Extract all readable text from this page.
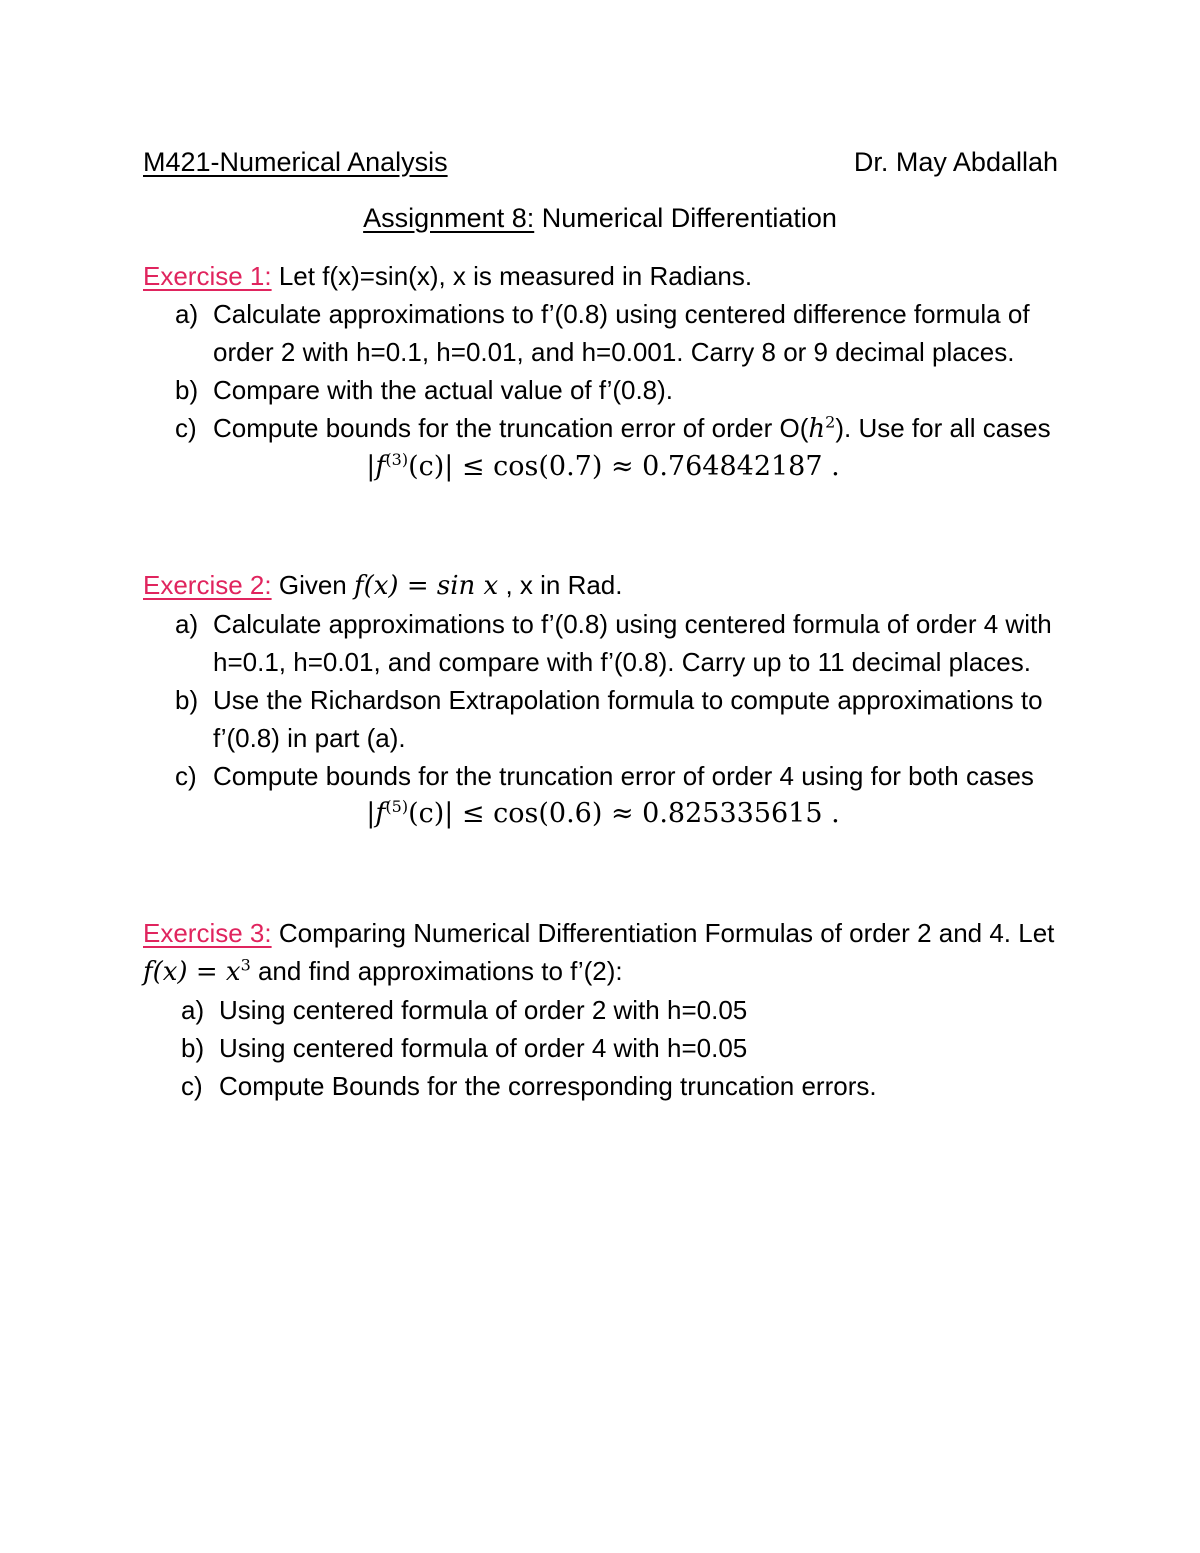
M421-Numerical Analysis	Dr. May Abdallah
Assignment 8: Numerical Differentiation
Exercise 1: Let f(x)=sin(x), x is measured in Radians.
a) Calculate approximations to f’(0.8) using centered difference formula of order 2 with h=0.1, h=0.01, and h=0.001. Carry 8 or 9 decimal places.
b) Compare with the actual value of f’(0.8).
c) Compute bounds for the truncation error of order $O(h^2)$. Use for all cases
$|f^{(3)}(c)| \le \cos(0.7) \approx 0.764842187$ .
Exercise 2: Given f(x) = sin x , x in Rad.
a) Calculate approximations to f’(0.8) using centered formula of order 4 with h=0.1, h=0.01, and compare with f’(0.8). Carry up to 11 decimal places.
b) Use the Richardson Extrapolation formula to compute approximations to f’(0.8) in part (a).
c) Compute bounds for the truncation error of order 4 using for both cases
$|f^{(5)}(c)| \le \cos(0.6) \approx 0.825335615$ .
Exercise 3: Comparing Numerical Differentiation Formulas of order 2 and 4. Let $f(x) = x^3$ and find approximations to f’(2):
a) Using centered formula of order 2 with h=0.05
b) Using centered formula of order 4 with h=0.05
c) Compute Bounds for the corresponding truncation errors.
